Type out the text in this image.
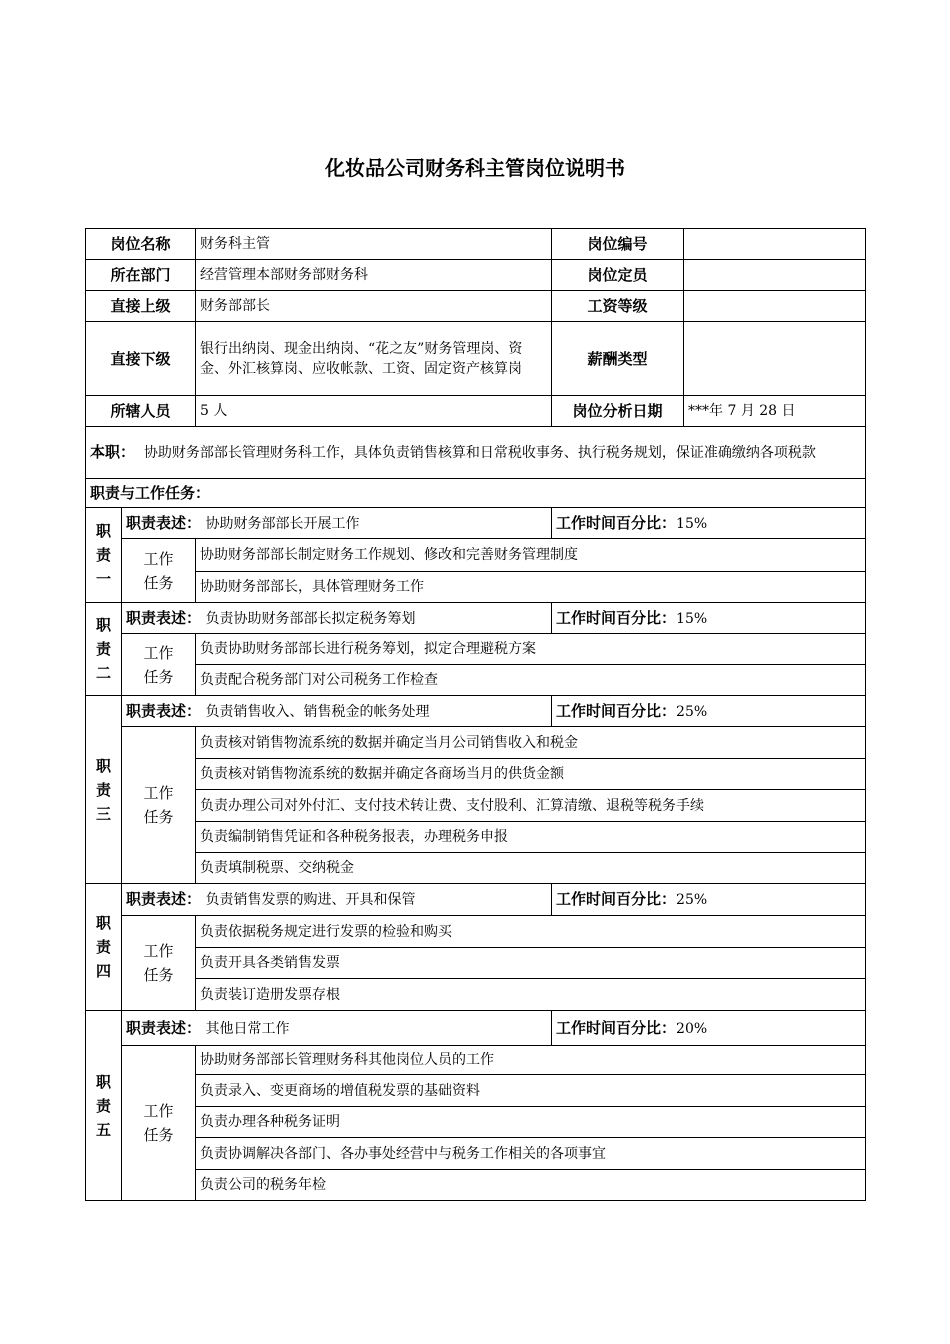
化妆品公司财务科主管岗位说明书
岗位名称		财务科主管	岗位编号	
所在部门		经营管理本部财务部财务科	岗位定员	
直接上级		财务部部长	工资等级	
直接下级		银行出纳岗、现金出纳岗、“花之友”财务管理岗、资金、外汇核算岗、应收帐款、工资、固定资产核算岗	薪酬类型	
所辖人员		5 人	岗位分析日期	***年 7 月 28 日
本职： 协助财务部部长管理财务科工作，具体负责销售核算和日常税收事务、执行税务规划，保证准确缴纳各项税款				
职责与工作任务：				
职责一	职责表述： 协助财务部部长开展工作		工作时间百分比：15%	
	工作任务	协助财务部部长制定财务工作规划、修改和完善财务管理制度		
		协助财务部部长，具体管理财务工作		
职责二	职责表述： 负责协助财务部部长拟定税务筹划		工作时间百分比：15%	
	工作任务	负责协助财务部部长进行税务筹划，拟定合理避税方案		
		负责配合税务部门对公司税务工作检查		
职责三	职责表述： 负责销售收入、销售税金的帐务处理		工作时间百分比：25%	
	工作任务	负责核对销售物流系统的数据并确定当月公司销售收入和税金		
		负责核对销售物流系统的数据并确定各商场当月的供货金额		
		负责办理公司对外付汇、支付技术转让费、支付股利、汇算清缴、退税等税务手续		
		负责编制销售凭证和各种税务报表，办理税务申报		
		负责填制税票、交纳税金		
职责四	职责表述： 负责销售发票的购进、开具和保管		工作时间百分比：25%	
	工作任务	负责依据税务规定进行发票的检验和购买		
		负责开具各类销售发票		
		负责装订造册发票存根		
职责五	职责表述： 其他日常工作		工作时间百分比：20%	
	工作任务	协助财务部部长管理财务科其他岗位人员的工作		
		负责录入、变更商场的增值税发票的基础资料		
		负责办理各种税务证明		
		负责协调解决各部门、各办事处经营中与税务工作相关的各项事宜		
		负责公司的税务年检		
